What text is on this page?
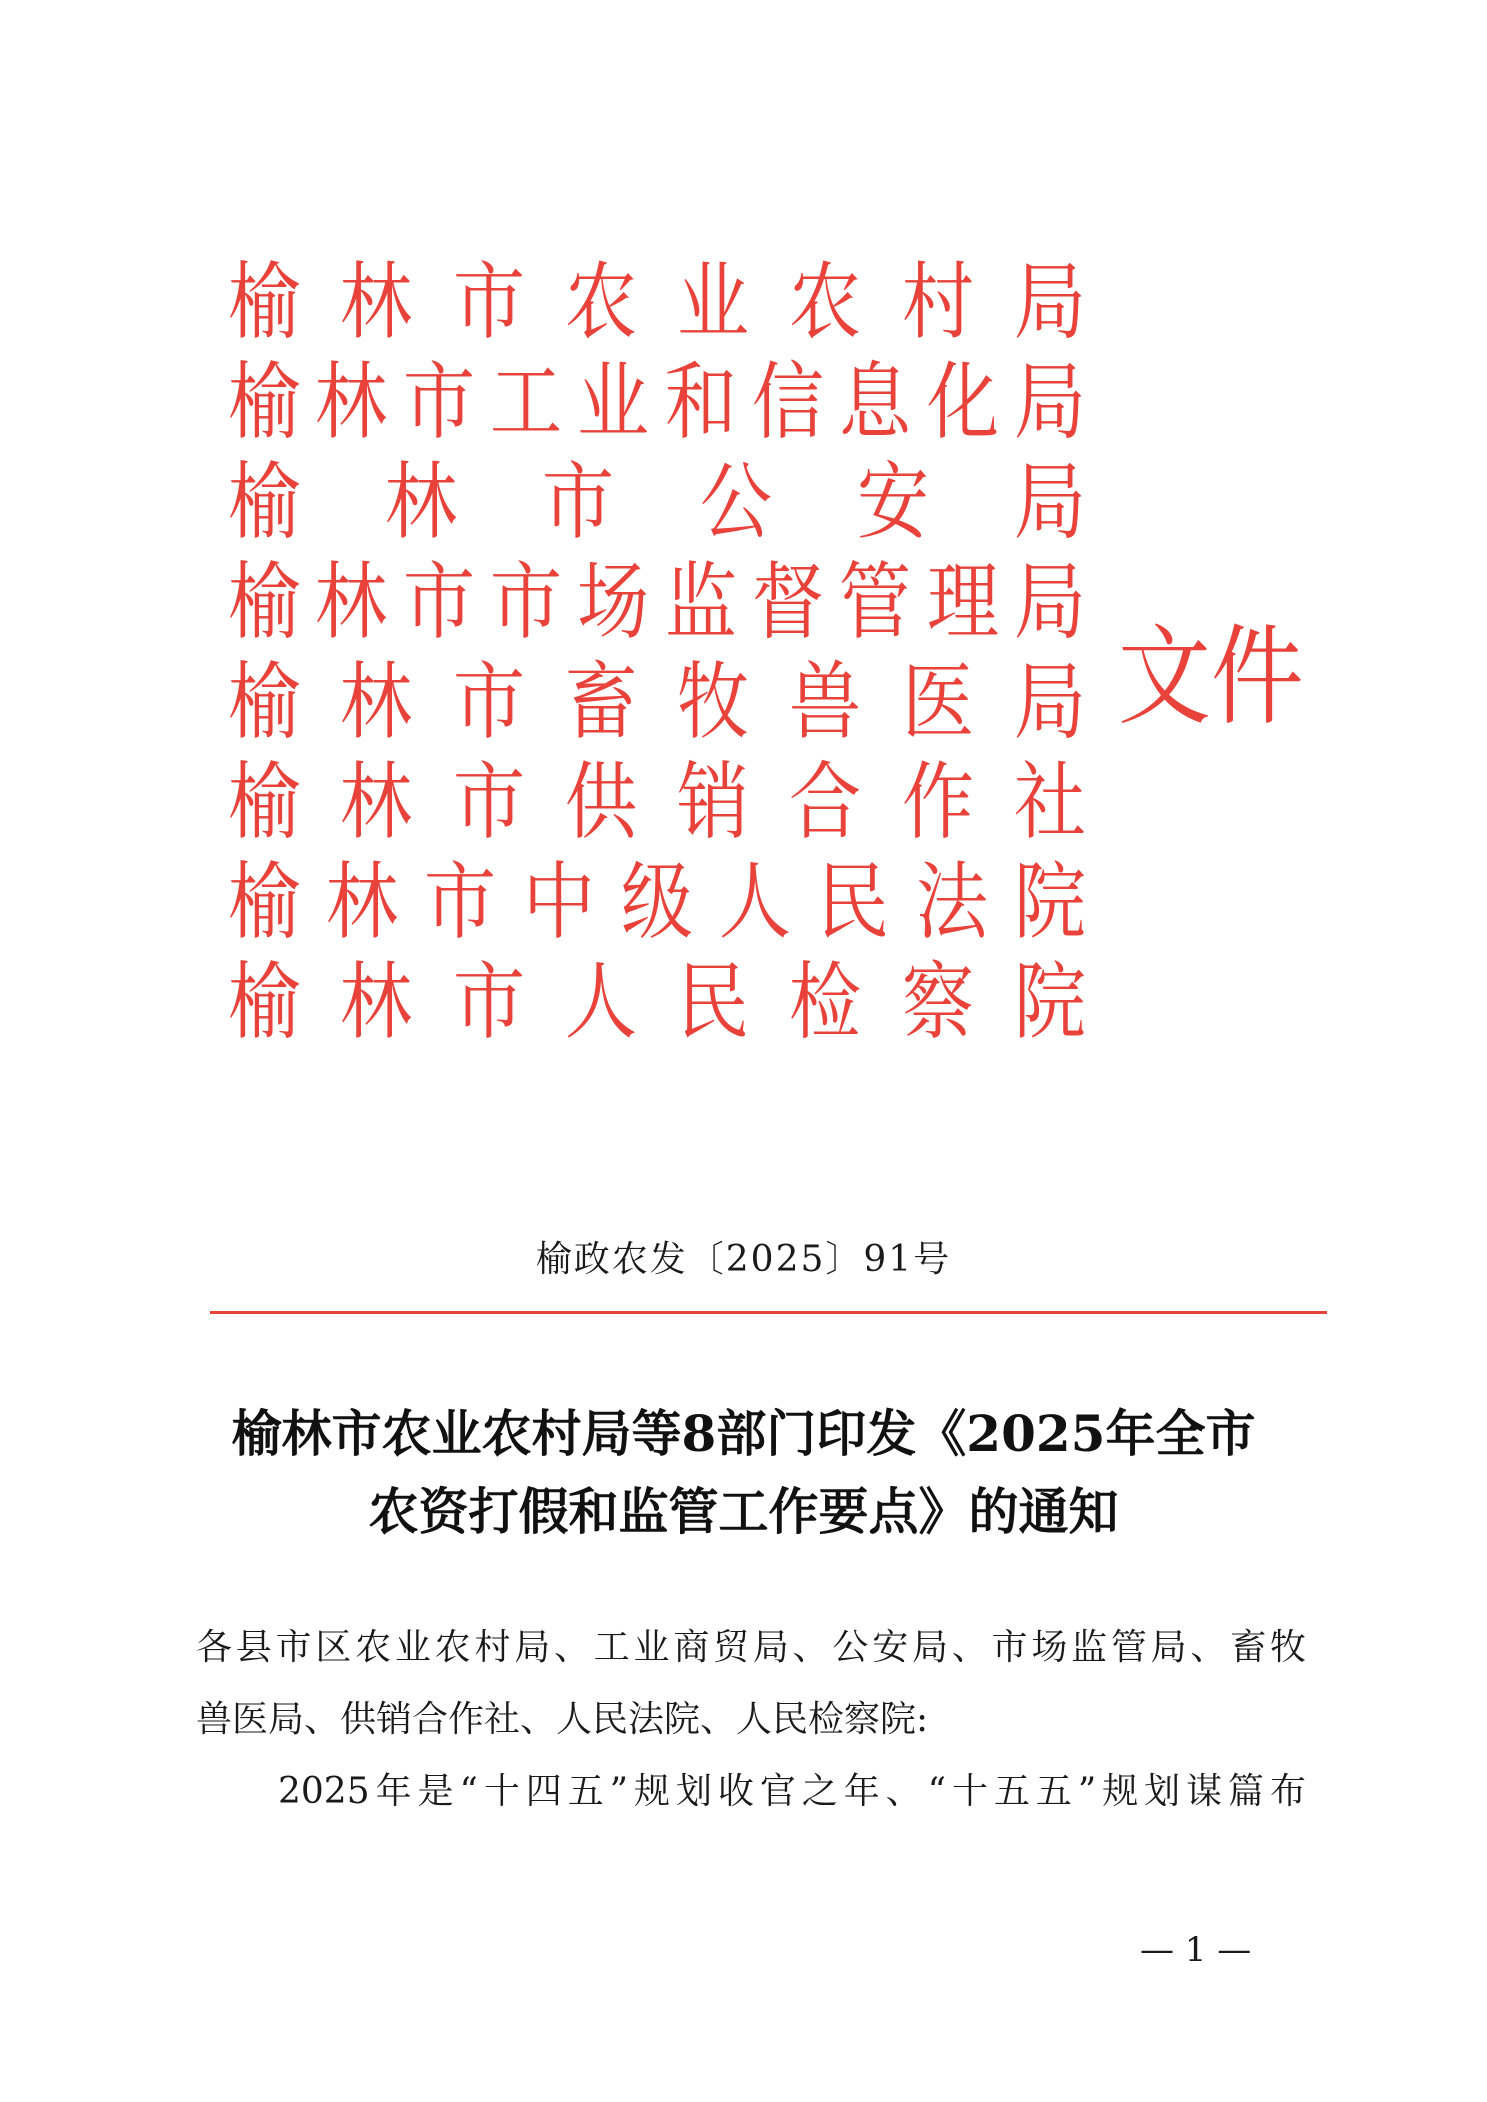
榆 林 市 农 业 农 村 局
榆 林 市 工 业 和 信 息 化 局
榆 林 市 公 安 局
榆 林 市 市 场 监 督 管 理 局
榆 林 市 畜 牧 兽 医 局
榆 林 市 供 销 合 作 社
榆 林 市 中 级 人 民 法 院
榆 林 市 人 民 检 察 院
文件
榆政农发〔2025〕91号
榆林市农业农村局等8部门印发《2025年全市
农资打假和监管工作要点》的通知
各县市区农业农村局、工业商贸局、公安局、市场监管局、畜牧
兽医局、供销合作社、人民法院、人民检察院:
2025年是“十四五”规划收官之年、“十五五”规划谋篇布
— 1 —
